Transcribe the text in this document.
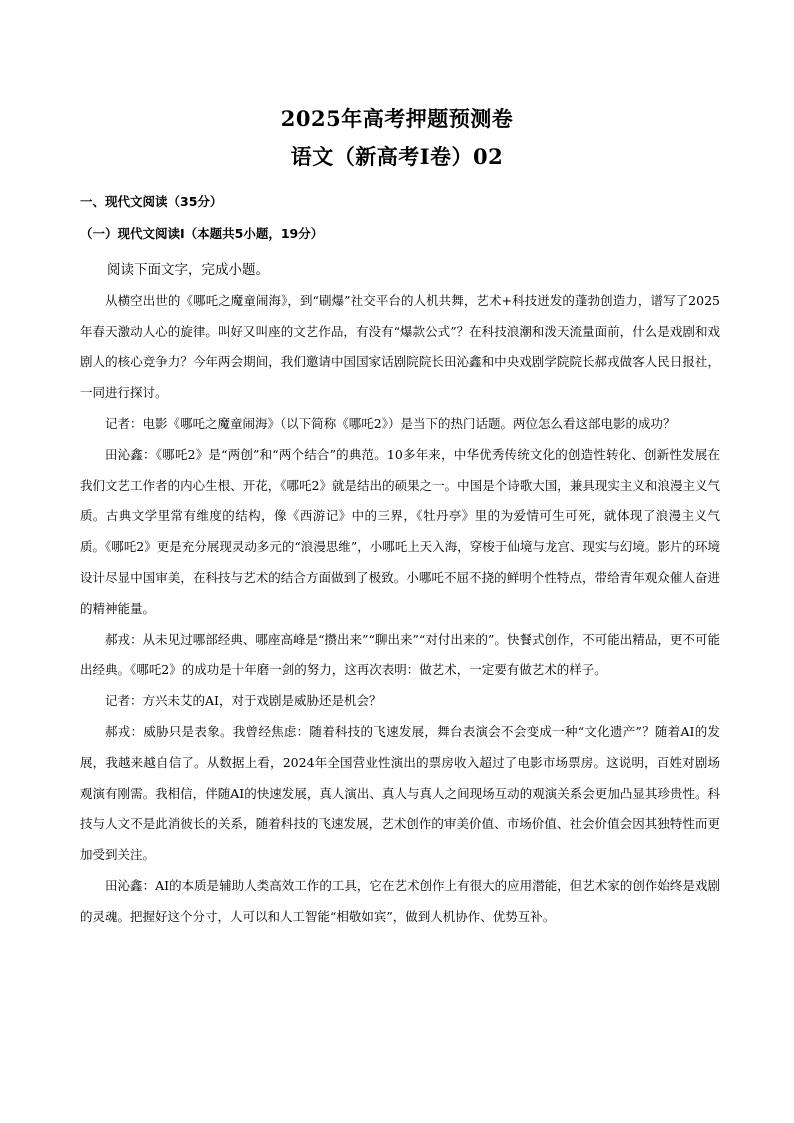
2025年高考押题预测卷
语文（新高考Ⅰ卷）02
一、现代文阅读（35分）
（一）现代文阅读Ⅰ（本题共5小题，19分）

阅读下面文字，完成小题。

从横空出世的《哪吒之魔童闹海》，到“刷爆”社交平台的人机共舞，艺术+科技迸发的蓬勃创造力，谱写了2025年春天激动人心的旋律。叫好又叫座的文艺作品，有没有“爆款公式”？在科技浪潮和泼天流量面前，什么是戏剧和戏剧人的核心竞争力？今年两会期间，我们邀请中国国家话剧院院长田沁鑫和中央戏剧学院院长郝戎做客人民日报社，一同进行探讨。

记者：电影《哪吒之魔童闹海》（以下简称《哪吒2》）是当下的热门话题。两位怎么看这部电影的成功？

田沁鑫：《哪吒2》是“两创”和“两个结合”的典范。10多年来，中华优秀传统文化的创造性转化、创新性发展在我们文艺工作者的内心生根、开花，《哪吒2》就是结出的硕果之一。中国是个诗歌大国，兼具现实主义和浪漫主义气质。古典文学里常有维度的结构，像《西游记》中的三界，《牡丹亭》里的为爱情可生可死，就体现了浪漫主义气质。《哪吒2》更是充分展现灵动多元的“浪漫思维”，小哪吒上天入海，穿梭于仙境与龙宫、现实与幻境。影片的环境设计尽显中国审美，在科技与艺术的结合方面做到了极致。小哪吒不屈不挠的鲜明个性特点，带给青年观众催人奋进的精神能量。

郝戎：从未见过哪部经典、哪座高峰是“攒出来”“聊出来”“对付出来的”。快餐式创作，不可能出精品，更不可能出经典。《哪吒2》的成功是十年磨一剑的努力，这再次表明：做艺术，一定要有做艺术的样子。

记者：方兴未艾的AI，对于戏剧是威胁还是机会？

郝戎：威胁只是表象。我曾经焦虑：随着科技的飞速发展，舞台表演会不会变成一种“文化遗产”？随着AI的发展，我越来越自信了。从数据上看，2024年全国营业性演出的票房收入超过了电影市场票房。这说明，百姓对剧场观演有刚需。我相信，伴随AI的快速发展，真人演出、真人与真人之间现场互动的观演关系会更加凸显其珍贵性。科技与人文不是此消彼长的关系，随着科技的飞速发展，艺术创作的审美价值、市场价值、社会价值会因其独特性而更加受到关注。

田沁鑫：AI的本质是辅助人类高效工作的工具，它在艺术创作上有很大的应用潜能，但艺术家的创作始终是戏剧的灵魂。把握好这个分寸，人可以和人工智能“相敬如宾”，做到人机协作、优势互补。
